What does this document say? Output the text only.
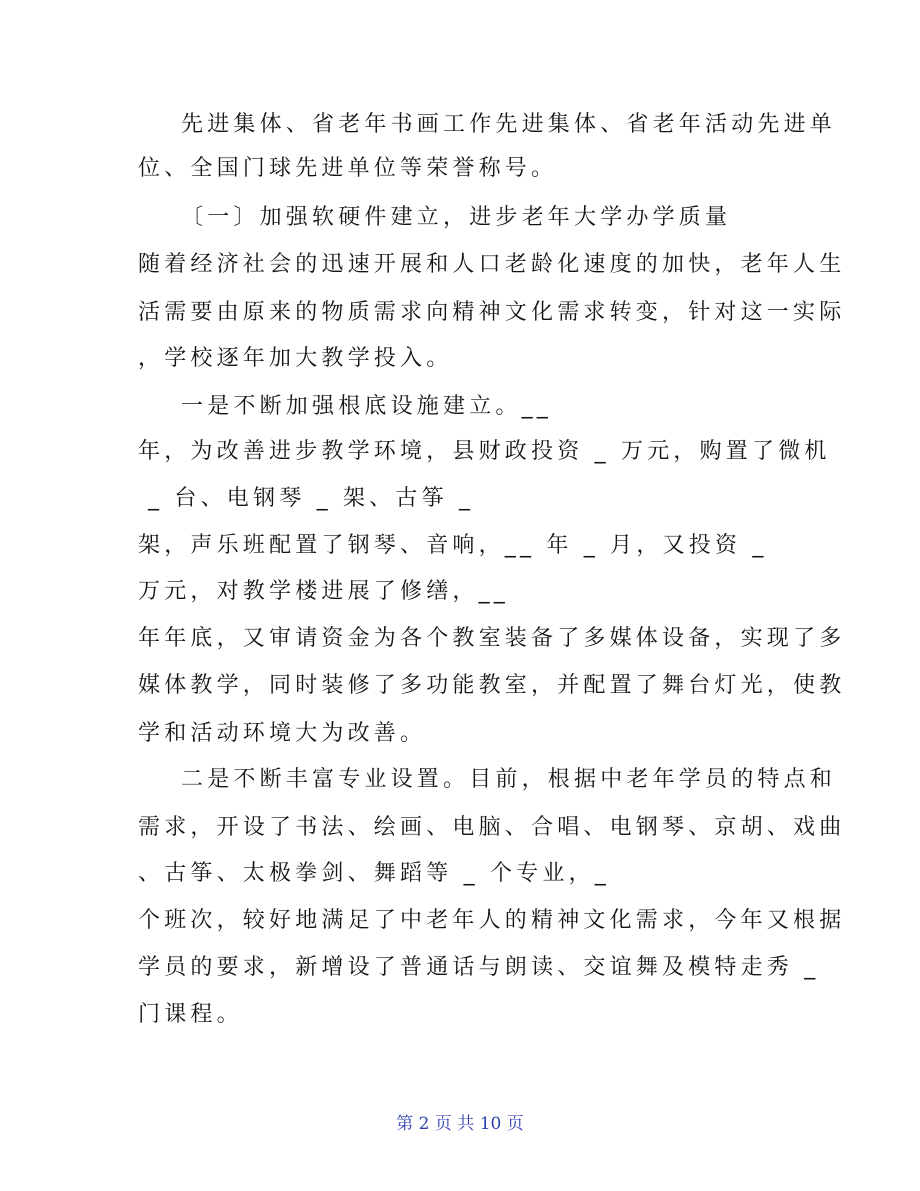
先进集体、省老年书画工作先进集体、省老年活动先进单
位、全国门球先进单位等荣誉称号。
〔一〕加强软硬件建立，进步老年大学办学质量
随着经济社会的迅速开展和人口老龄化速度的加快，老年人生
活需要由原来的物质需求向精神文化需求转变，针对这一实际
，学校逐年加大教学投入。
一是不断加强根底设施建立。__
年，为改善进步教学环境，县财政投资 _ 万元，购置了微机
_ 台、电钢琴 _ 架、古筝 _
架，声乐班配置了钢琴、音响，__ 年 _ 月，又投资 _
万元，对教学楼进展了修缮，__
年年底，又审请资金为各个教室装备了多媒体设备，实现了多
媒体教学，同时装修了多功能教室，并配置了舞台灯光，使教
学和活动环境大为改善。
二是不断丰富专业设置。目前，根据中老年学员的特点和
需求，开设了书法、绘画、电脑、合唱、电钢琴、京胡、戏曲
、古筝、太极拳剑、舞蹈等 _ 个专业，_
个班次，较好地满足了中老年人的精神文化需求，今年又根据
学员的要求，新增设了普通话与朗读、交谊舞及模特走秀 _
门课程。
第 2 页 共 10 页
